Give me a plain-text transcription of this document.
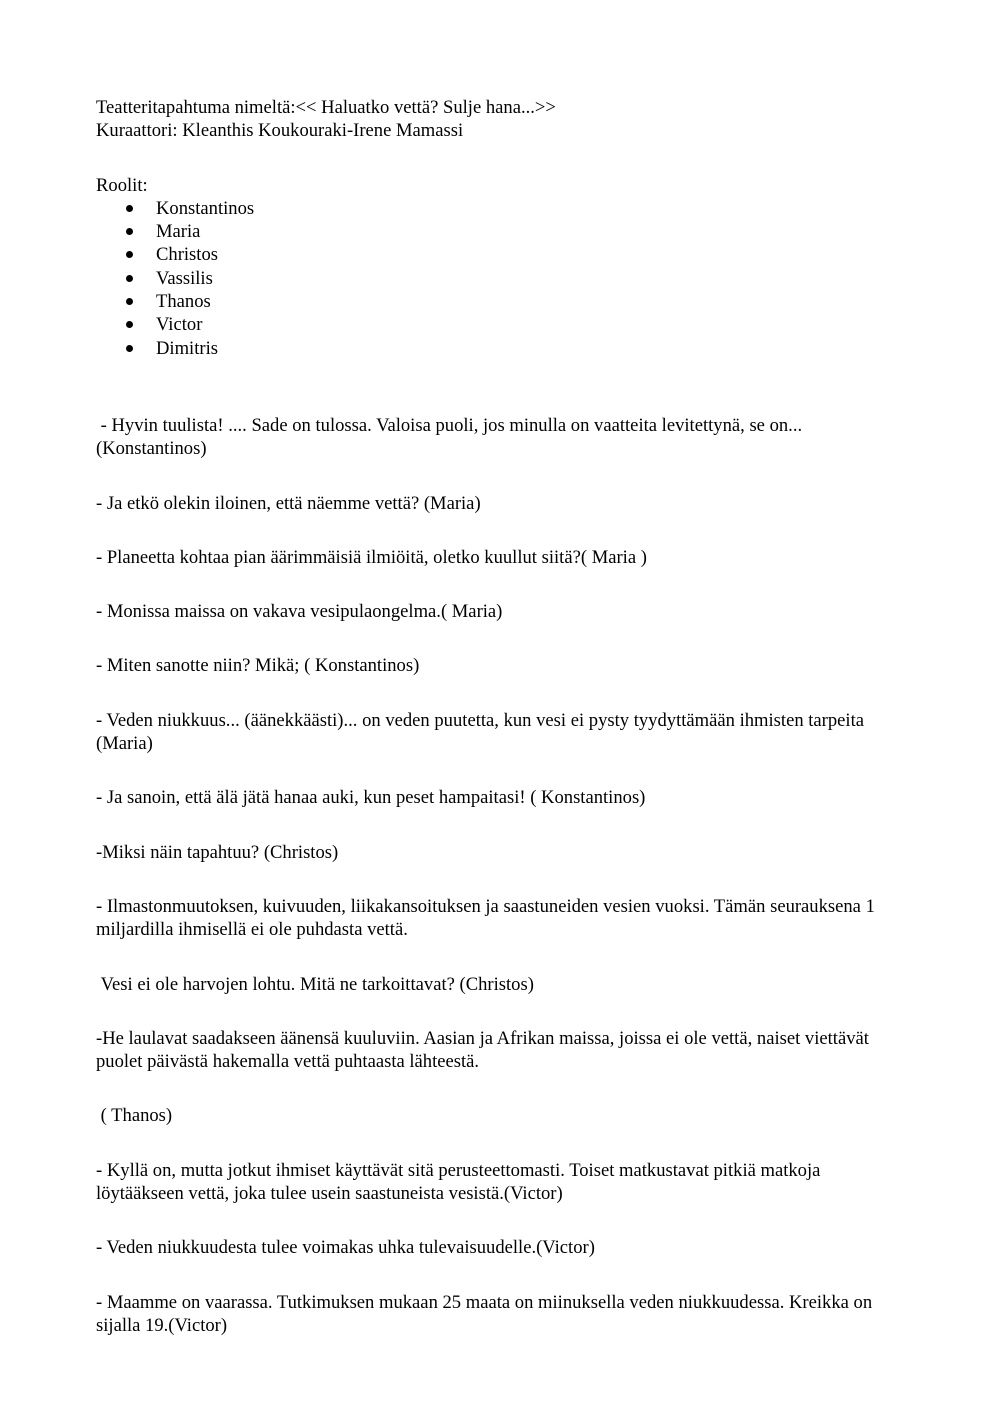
Teatteritapahtuma nimeltä:<< Haluatko vettä? Sulje hana...>>

Kuraattori: Kleanthis Koukouraki-Irene Mamassi

Roolit:

Konstantinos
Maria
Christos
Vassilis
Thanos
Victor
Dimitris

- Hyvin tuulista! .... Sade on tulossa. Valoisa puoli, jos minulla on vaatteita levitettynä, se on... (Konstantinos)

- Ja etkö olekin iloinen, että näemme vettä? (Maria)

- Planeetta kohtaa pian äärimmäisiä ilmiöitä, oletko kuullut siitä?( Maria )

- Monissa maissa on vakava vesipulaongelma.( Maria)

- Miten sanotte niin? Mikä; ( Konstantinos)

- Veden niukkuus... (äänekkäästi)... on veden puutetta, kun vesi ei pysty tyydyttämään ihmisten tarpeita (Maria)

- Ja sanoin, että älä jätä hanaa auki, kun peset hampaitasi! ( Konstantinos)

-Miksi näin tapahtuu? (Christos)

- Ilmastonmuutoksen, kuivuuden, liikakansoituksen ja saastuneiden vesien vuoksi. Tämän seurauksena 1 miljardilla ihmisellä ei ole puhdasta vettä.

Vesi ei ole harvojen lohtu. Mitä ne tarkoittavat? (Christos)

-He laulavat saadakseen äänensä kuuluviin. Aasian ja Afrikan maissa, joissa ei ole vettä, naiset viettävät puolet päivästä hakemalla vettä puhtaasta lähteestä.

( Thanos)

- Kyllä on, mutta jotkut ihmiset käyttävät sitä perusteettomasti. Toiset matkustavat pitkiä matkoja löytääkseen vettä, joka tulee usein saastuneista vesistä.(Victor)

- Veden niukkuudesta tulee voimakas uhka tulevaisuudelle.(Victor)

- Maamme on vaarassa. Tutkimuksen mukaan 25 maata on miinuksella veden niukkuudessa. Kreikka on sijalla 19.(Victor)
